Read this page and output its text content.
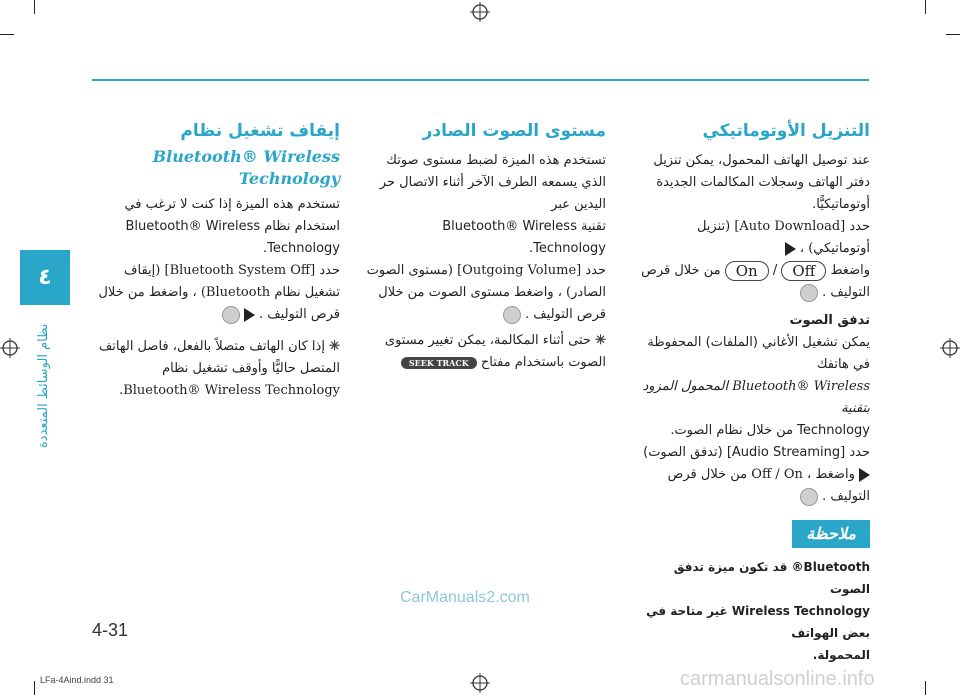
٤
نظام الوسائط المتعددة
التنزيل الأوتوماتيكي

عند توصيل الهاتف المحمول، يمكن تنزيل دفتر الهاتف وسجلات المكالمات الجديدة أوتوماتيكيًّا.

حدد [Auto Download] (تنزيل أوتوماتيكي) ،

واضغط Off / On من خلال قرص

التوليف .

تدفق الصوت

يمكن تشغيل الأغاني (الملفات) المحفوظة في هاتفك

Bluetooth® Wireless المحمول المزود بتقنية

Technology من خلال نظام الصوت.

حدد [Audio Streaming] (تدفق الصوت)

واضغط ، Off / On من خلال قرص

التوليف .

ملاحظة

Bluetooth® قد تكون ميزة تدفق الصوت

Wireless Technology غير متاحة في بعض الهواتف

المحمولة.

مستوى الصوت الصادر

تستخدم هذه الميزة لضبط مستوى صوتك الذي يسمعه الطرف الآخر أثناء الاتصال حر اليدين عبر

تقنية Bluetooth® Wireless Technology.

حدد [Outgoing Volume] (مستوى الصوت الصادر) ، واضغط مستوى الصوت من خلال قرص التوليف .

✳ حتى أثناء المكالمة، يمكن تغيير مستوى الصوت باستخدام مفتاح SEEK TRACK

إيقاف تشغيل نظام
Bluetooth® Wireless Technology

تستخدم هذه الميزة إذا كنت لا ترغب في استخدام نظام Bluetooth® Wireless Technology.

حدد [Bluetooth System Off] (إيقاف تشغيل نظام Bluetooth) ، واضغط من خلال قرص التوليف .

✳ إذا كان الهاتف متصلاً بالفعل، فاصل الهاتف المتصل حاليًّا وأوقف تشغيل نظام Bluetooth® Wireless Technology.

4-31
CarManuals2.com
LFa-4Aind.indd 31	carmanualsonline.info
